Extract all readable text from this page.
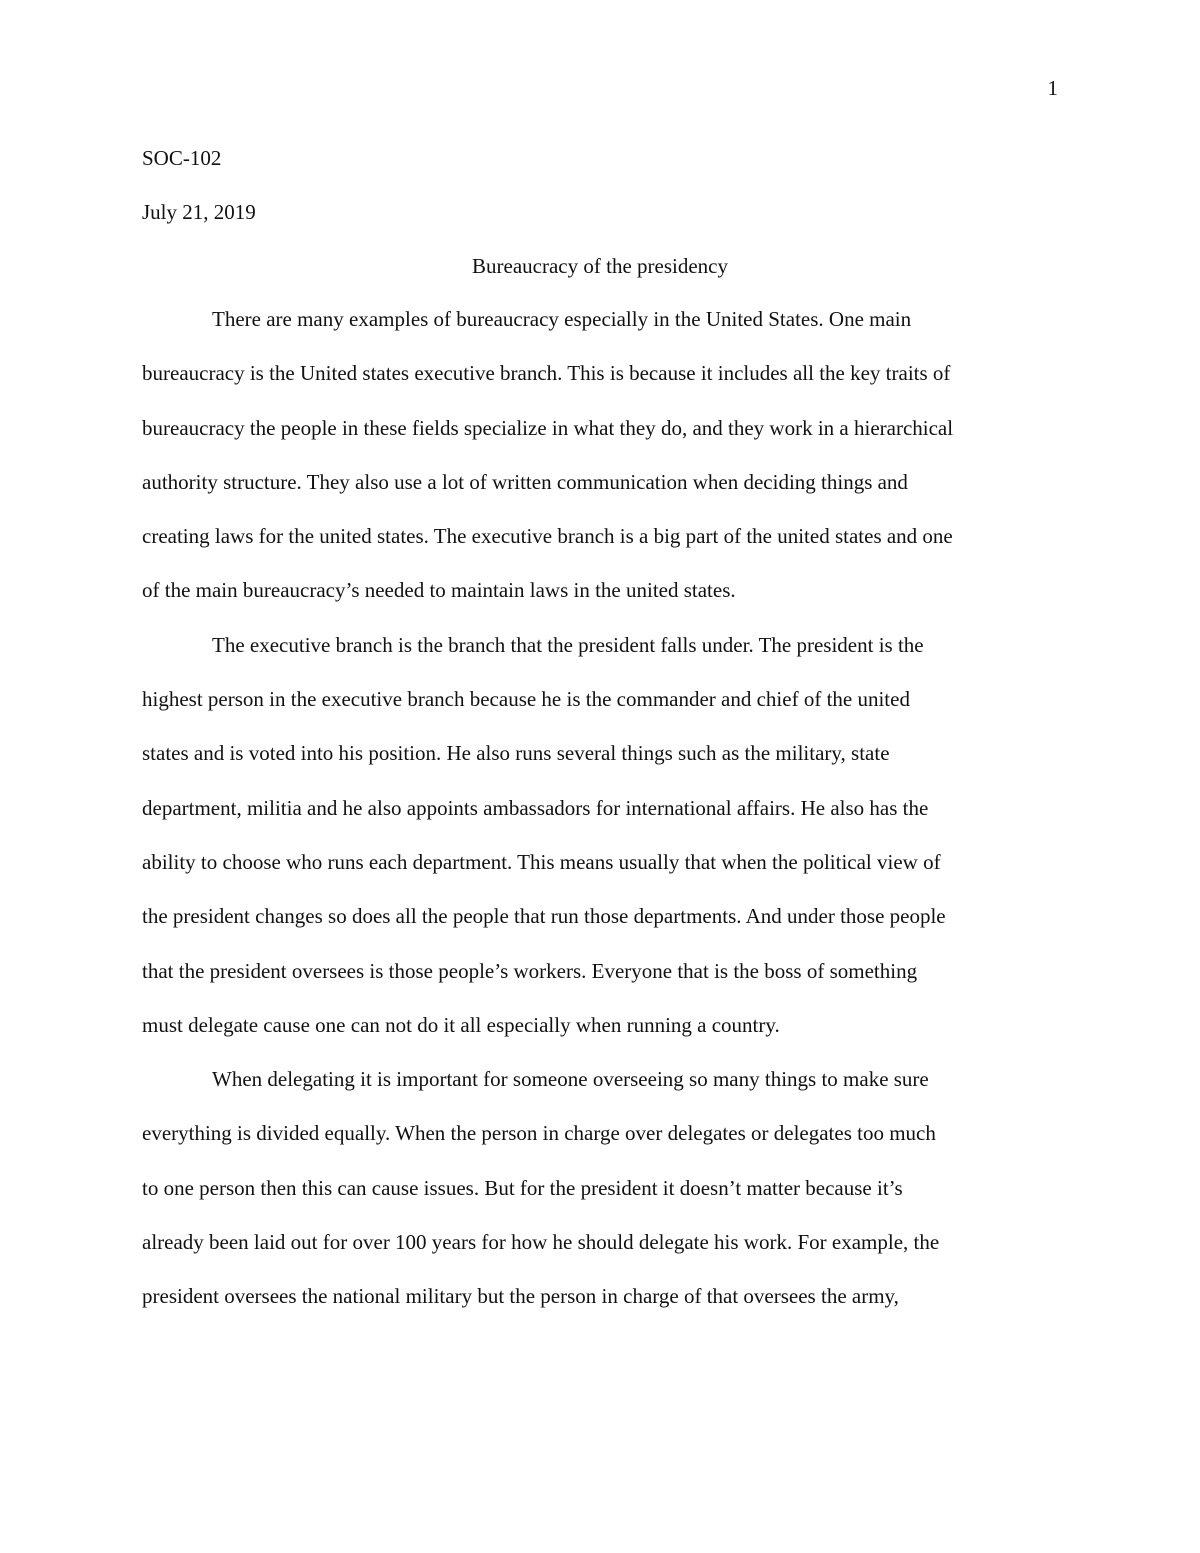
1
SOC-102
July 21, 2019
Bureaucracy of the presidency
There are many examples of bureaucracy especially in the United States. One main
bureaucracy is the United states executive branch. This is because it includes all the key traits of
bureaucracy the people in these fields specialize in what they do, and they work in a hierarchical
authority structure. They also use a lot of written communication when deciding things and
creating laws for the united states. The executive branch is a big part of the united states and one
of the main bureaucracy’s needed to maintain laws in the united states.
The executive branch is the branch that the president falls under. The president is the
highest person in the executive branch because he is the commander and chief of the united
states and is voted into his position. He also runs several things such as the military, state
department, militia and he also appoints ambassadors for international affairs. He also has the
ability to choose who runs each department. This means usually that when the political view of
the president changes so does all the people that run those departments. And under those people
that the president oversees is those people’s workers. Everyone that is the boss of something
must delegate cause one can not do it all especially when running a country.
When delegating it is important for someone overseeing so many things to make sure
everything is divided equally. When the person in charge over delegates or delegates too much
to one person then this can cause issues. But for the president it doesn’t matter because it’s
already been laid out for over 100 years for how he should delegate his work. For example, the
president oversees the national military but the person in charge of that oversees the army,
